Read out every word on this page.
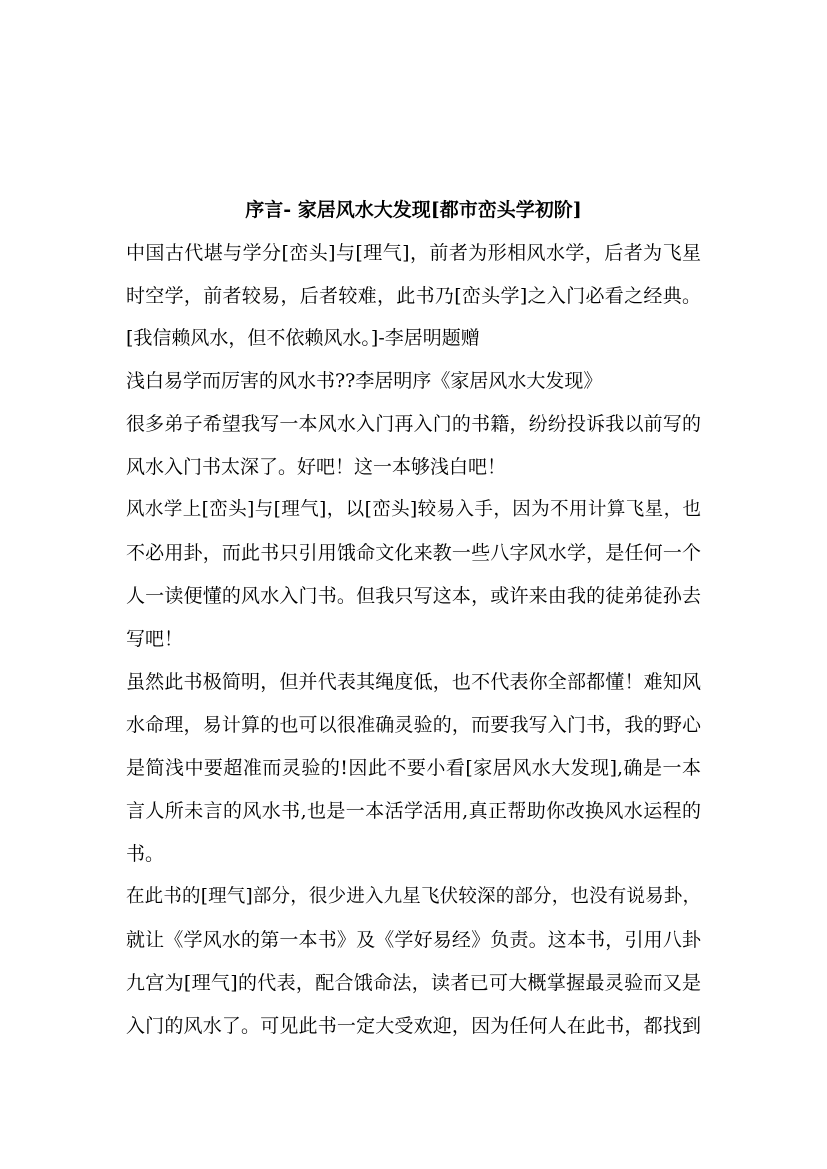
序言- 家居风水大发现[都市峦头学初阶]
中国古代堪与学分[峦头]与[理气]，前者为形相风水学，后者为飞星
时空学，前者较易，后者较难，此书乃[峦头学]之入门必看之经典。
[我信赖风水，但不依赖风水。]-李居明题赠
浅白易学而厉害的风水书??李居明序《家居风水大发现》
很多弟子希望我写一本风水入门再入门的书籍，纷纷投诉我以前写的
风水入门书太深了。好吧！这一本够浅白吧！
风水学上[峦头]与[理气]，以[峦头]较易入手，因为不用计算飞星，也
不必用卦，而此书只引用饿命文化来教一些八字风水学，是任何一个
人一读便懂的风水入门书。但我只写这本，或许来由我的徒弟徒孙去
写吧！
虽然此书极简明，但并代表其绳度低，也不代表你全部都懂！难知风
水命理，易计算的也可以很准确灵验的，而要我写入门书，我的野心
是简浅中要超准而灵验的!因此不要小看[家居风水大发现],确是一本
言人所未言的风水书,也是一本活学活用,真正帮助你改换风水运程的
书。
在此书的[理气]部分，很少进入九星飞伏较深的部分，也没有说易卦，
就让《学风水的第一本书》及《学好易经》负责。这本书，引用八卦
九宫为[理气]的代表，配合饿命法，读者已可大概掌握最灵验而又是
入门的风水了。可见此书一定大受欢迎，因为任何人在此书，都找到
